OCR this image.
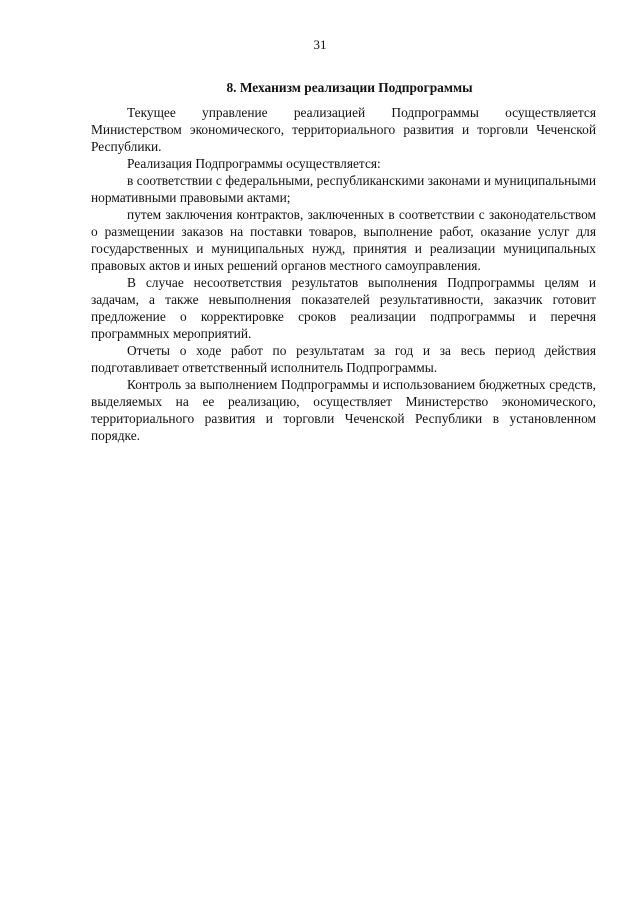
31
8. Механизм реализации Подпрограммы

Текущее управление реализацией Подпрограммы осуществляется Министерством экономического, территориального развития и торговли Чеченской Республики.

Реализация Подпрограммы осуществляется:

в соответствии с федеральными, республиканскими законами и муниципальными нормативными правовыми актами;

путем заключения контрактов, заключенных в соответствии с законодательством о размещении заказов на поставки товаров, выполнение работ, оказание услуг для государственных и муниципальных нужд, принятия и реализации муниципальных правовых актов и иных решений органов местного самоуправления.

В случае несоответствия результатов выполнения Подпрограммы целям и задачам, а также невыполнения показателей результативности, заказчик готовит предложение о корректировке сроков реализации подпрограммы и перечня программных мероприятий.

Отчеты о ходе работ по результатам за год и за весь период действия подготавливает ответственный исполнитель Подпрограммы.

Контроль за выполнением Подпрограммы и использованием бюджетных средств, выделяемых на ее реализацию, осуществляет Министерство экономического, территориального развития и торговли Чеченской Республики в установленном порядке.
